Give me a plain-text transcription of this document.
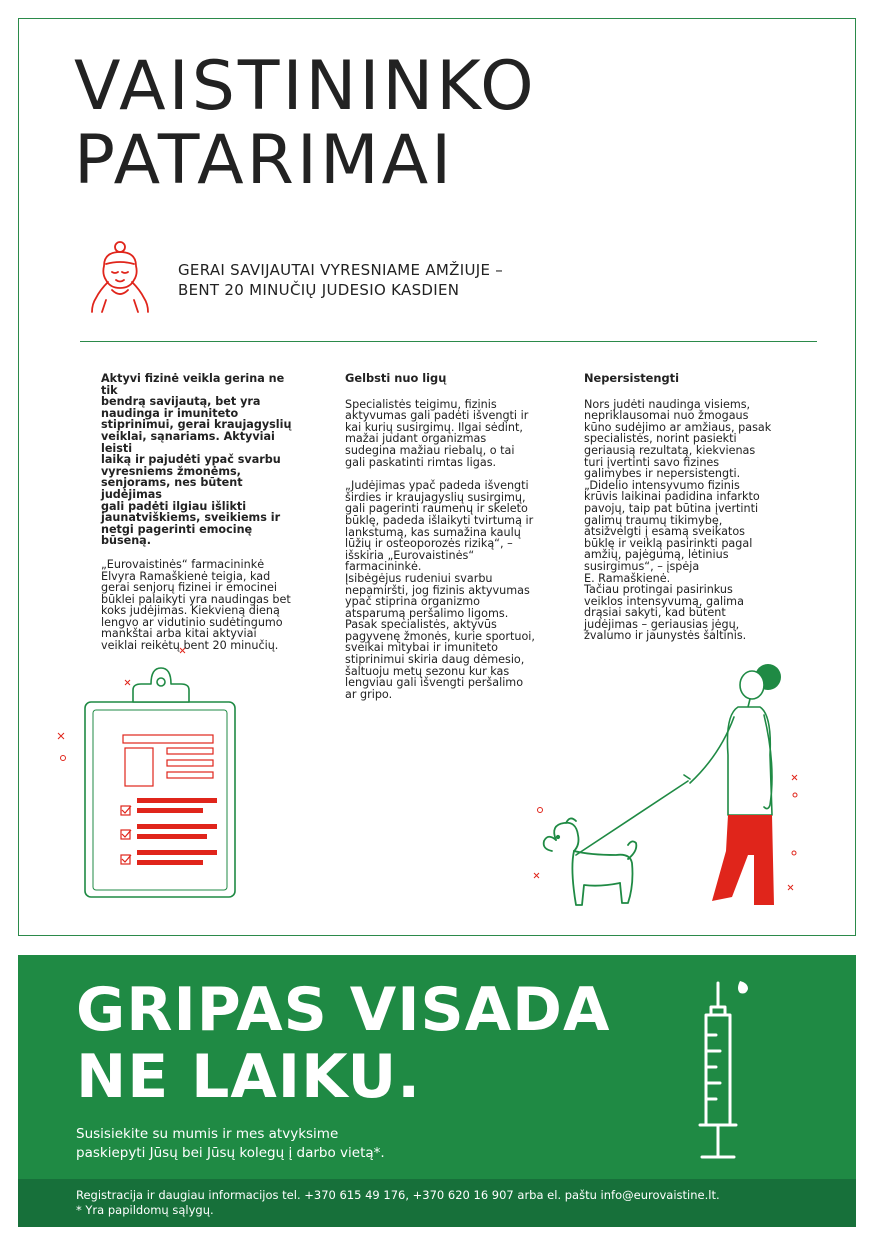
VAISTININKO
PATARIMAI
GERAI SAVIJAUTAI VYRESNIAME AMŽIUJE –
BENT 20 MINUČIŲ JUDESIO KASDIEN

Aktyvi fizinė veikla gerina ne tik
bendrą savijautą, bet yra
naudinga ir imuniteto
stiprinimui, gerai kraujagyslių
veiklai, sąnariams. Aktyviai leisti
laiką ir pajudėti ypač svarbu
vyresniems žmonėms,
senjorams, nes būtent judėjimas
gali padėti ilgiau išlikti
jaunatviškiems, sveikiems ir
netgi pagerinti emocinę būseną.

„Eurovaistinės“ farmacininkė
Elvyra Ramaškienė teigia, kad
gerai senjorų fizinei ir emocinei
būklei palaikyti yra naudingas bet
koks judėjimas. Kiekvieną dieną
lengvo ar vidutinio sudėtingumo
mankštai arba kitai aktyviai
veiklai reikėtų bent 20 minučių.

Gelbsti nuo ligų

Specialistės teigimu, fizinis
aktyvumas gali padėti išvengti ir
kai kurių susirgimų. Ilgai sėdint,
mažai judant organizmas
sudegina mažiau riebalų, o tai
gali paskatinti rimtas ligas.

„Judėjimas ypač padeda išvengti
širdies ir kraujagyslių susirgimų,
gali pagerinti raumenų ir skeleto
būklę, padeda išlaikyti tvirtumą ir
lankstumą, kas sumažina kaulų
lūžių ir osteoporozės riziką“, –
išskiria „Eurovaistinės“
farmacininkė.
Įsibėgėjus rudeniui svarbu
nepamiršti, jog fizinis aktyvumas
ypač stiprina organizmo
atsparumą peršalimo ligoms.
Pasak specialistės, aktyvūs
pagyvenę žmonės, kurie sportuoi,
sveikai mitybai ir imuniteto
stiprinimui skiria daug dėmesio,
šaltuoju metų sezonu kur kas
lengviau gali išvengti peršalimo
ar gripo.

Nepersistengti

Nors judėti naudinga visiems,
nepriklausomai nuo žmogaus
kūno sudėjimo ar amžiaus, pasak
specialistės, norint pasiekti
geriausią rezultatą, kiekvienas
turi įvertinti savo fizines
galimybes ir nepersistengti.
„Didelio intensyvumo fizinis
krūvis laikinai padidina infarkto
pavojų, taip pat būtina įvertinti
galimų traumų tikimybę,
atsižvelgti į esamą sveikatos
būklę ir veiklą pasirinkti pagal
amžių, pajėgumą, lėtinius
susirgimus“, – įspėja
E. Ramaškienė.
Tačiau protingai pasirinkus
veiklos intensyvumą, galima
drąsiai sakyti, kad būtent
judėjimas – geriausias jėgų,
žvalumo ir jaunystės šaltinis.

GRIPAS VISADA
NE LAIKU.
Susisiekite su mumis ir mes atvyksime
paskiepyti Jūsų bei Jūsų kolegų į darbo vietą*.
Registracija ir daugiau informacijos tel. +370 615 49 176, +370 620 16 907 arba el. paštu info@eurovaistine.lt.
* Yra papildomų sąlygų.
